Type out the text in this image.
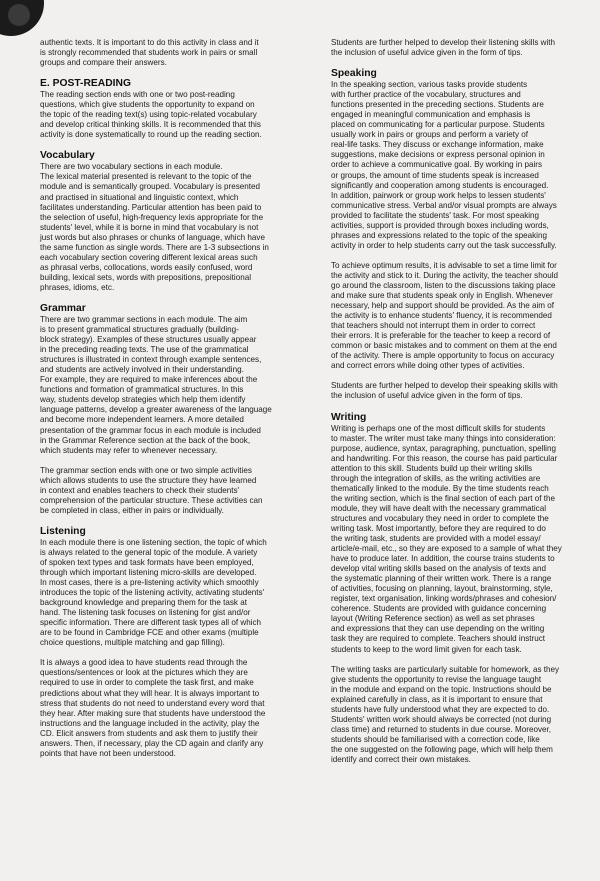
authentic texts. It is important to do this activity in class and it
is strongly recommended that students work in pairs or small
groups and compare their answers.

E. POST-READING

The reading section ends with one or two post-reading
questions, which give students the opportunity to expand on
the topic of the reading text(s) using topic-related vocabulary
and develop critical thinking skills. It is recommended that this
activity is done systematically to round up the reading section.

Vocabulary

There are two vocabulary sections in each module.
The lexical material presented is relevant to the topic of the
module and is semantically grouped. Vocabulary is presented
and practised in situational and linguistic context, which
facilitates understanding. Particular attention has been paid to
the selection of useful, high-frequency lexis appropriate for the
students' level, while it is borne in mind that vocabulary is not
just words but also phrases or chunks of language, which have
the same function as single words. There are 1-3 subsections in
each vocabulary section covering different lexical areas such
as phrasal verbs, collocations, words easily confused, word
building, lexical sets, words with prepositions, prepositional
phrases, idioms, etc.

Grammar

There are two grammar sections in each module. The aim
is to present grammatical structures gradually (building-
block strategy). Examples of these structures usually appear
in the preceding reading texts. The use of the grammatical
structures is illustrated in context through example sentences,
and students are actively involved in their understanding.
For example, they are required to make inferences about the
functions and formation of grammatical structures. In this
way, students develop strategies which help them identify
language patterns, develop a greater awareness of the language
and become more independent learners. A more detailed
presentation of the grammar focus in each module is included
in the Grammar Reference section at the back of the book,
which students may refer to whenever necessary.

The grammar section ends with one or two simple activities
which allows students to use the structure they have learned
in context and enables teachers to check their students'
comprehension of the particular structure. These activities can
be completed in class, either in pairs or individually.

Listening

In each module there is one listening section, the topic of which
is always related to the general topic of the module. A variety
of spoken text types and task formats have been employed,
through which important listening micro-skills are developed.
In most cases, there is a pre-listening activity which smoothly
introduces the topic of the listening activity, activating students'
background knowledge and preparing them for the task at
hand. The listening task focuses on listening for gist and/or
specific information. There are different task types all of which
are to be found in Cambridge FCE and other exams (multiple
choice questions, multiple matching and gap filling).

It is always a good idea to have students read through the
questions/sentences or look at the pictures which they are
required to use in order to complete the task first, and make
predictions about what they will hear. It is always important to
stress that students do not need to understand every word that
they hear. After making sure that students have understood the
instructions and the language included in the activity, play the
CD. Elicit answers from students and ask them to justify their
answers. Then, if necessary, play the CD again and clarify any
points that have not been understood.

Students are further helped to develop their listening skills with
the inclusion of useful advice given in the form of tips.

Speaking

In the speaking section, various tasks provide students
with further practice of the vocabulary, structures and
functions presented in the preceding sections. Students are
engaged in meaningful communication and emphasis is
placed on communicating for a particular purpose. Students
usually work in pairs or groups and perform a variety of
real-life tasks. They discuss or exchange information, make
suggestions, make decisions or express personal opinion in
order to achieve a communicative goal. By working in pairs
or groups, the amount of time students speak is increased
significantly and cooperation among students is encouraged.
In addition, pairwork or group work helps to lessen students'
communicative stress. Verbal and/or visual prompts are always
provided to facilitate the students' task. For most speaking
activities, support is provided through boxes including words,
phrases and expressions related to the topic of the speaking
activity in order to help students carry out the task successfully.

To achieve optimum results, it is advisable to set a time limit for
the activity and stick to it. During the activity, the teacher should
go around the classroom, listen to the discussions taking place
and make sure that students speak only in English. Whenever
necessary, help and support should be provided. As the aim of
the activity is to enhance students' fluency, it is recommended
that teachers should not interrupt them in order to correct
their errors. It is preferable for the teacher to keep a record of
common or basic mistakes and to comment on them at the end
of the activity. There is ample opportunity to focus on accuracy
and correct errors while doing other types of activities.

Students are further helped to develop their speaking skills with
the inclusion of useful advice given in the form of tips.

Writing

Writing is perhaps one of the most difficult skills for students
to master. The writer must take many things into consideration:
purpose, audience, syntax, paragraphing, punctuation, spelling
and handwriting. For this reason, the course has paid particular
attention to this skill. Students build up their writing skills
through the integration of skills, as the writing activities are
thematically linked to the module. By the time students reach
the writing section, which is the final section of each part of the
module, they will have dealt with the necessary grammatical
structures and vocabulary they need in order to complete the
writing task. Most importantly, before they are required to do
the writing task, students are provided with a model essay/
article/e-mail, etc., so they are exposed to a sample of what they
have to produce later. In addition, the course trains students to
develop vital writing skills based on the analysis of texts and
the systematic planning of their written work. There is a range
of activities, focusing on planning, layout, brainstorming, style,
register, text organisation, linking words/phrases and cohesion/
coherence. Students are provided with guidance concerning
layout (Writing Reference section) as well as set phrases
and expressions that they can use depending on the writing
task they are required to complete. Teachers should instruct
students to keep to the word limit given for each task.

The writing tasks are particularly suitable for homework, as they
give students the opportunity to revise the language taught
in the module and expand on the topic. Instructions should be
explained carefully in class, as it is important to ensure that
students have fully understood what they are expected to do.
Students' written work should always be corrected (not during
class time) and returned to students in due course. Moreover,
students should be familiarised with a correction code, like
the one suggested on the following page, which will help them
identify and correct their own mistakes.
